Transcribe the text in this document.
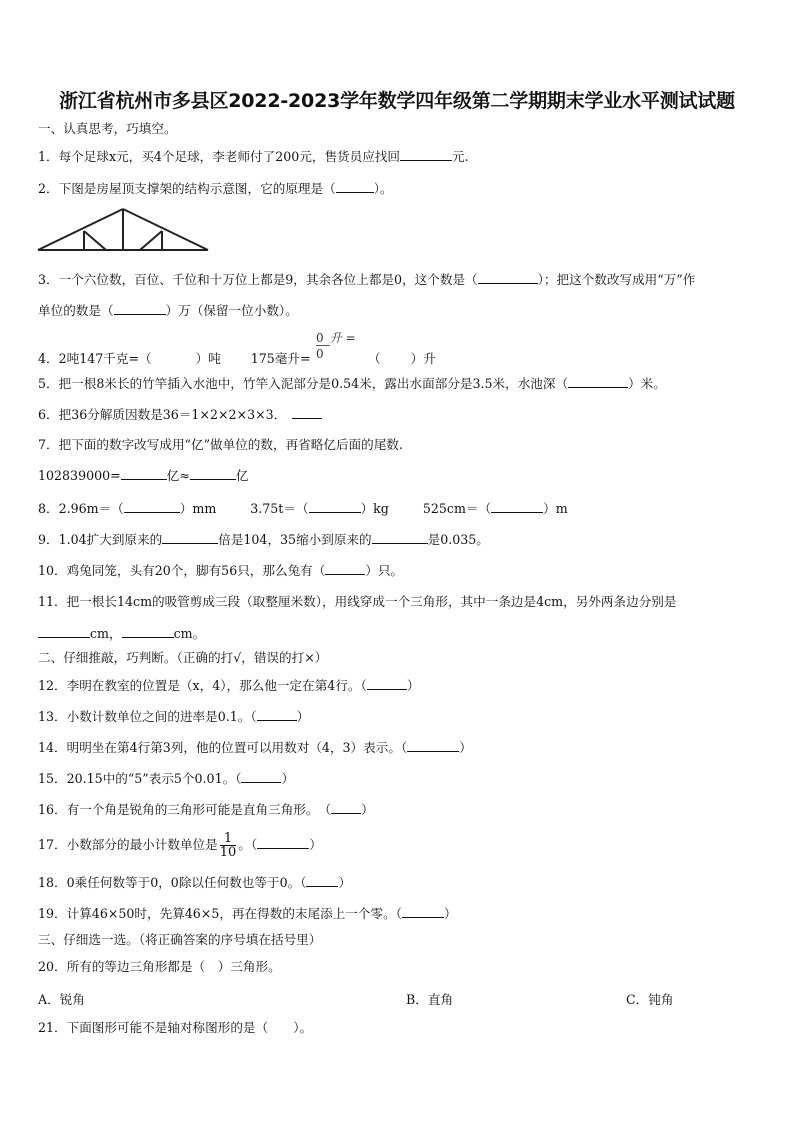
浙江省杭州市多县区2022-2023学年数学四年级第二学期期末学业水平测试试题
一、认真思考，巧填空。
1．每个足球x元，买4个足球，李老师付了200元，售货员应找回	元.
2．下图是房屋顶支撑架的结构示意图，它的原理是（	）。
3．一个六位数，百位、千位和十万位上都是9，其余各位上都是0，这个数是（	）；把这个数改写成用“万”作
单位的数是（	）万（保留一位小数）。
4．2吨147千克=（	）吨 175毫升=
0 升 =
0	（ ）升
5．把一根8米长的竹竿插入水池中，竹竿入泥部分是0.54米，露出水面部分是3.5米，水池深（	）米。
6．把36分解质因数是36＝1×2×2×3×3．
7．把下面的数字改写成用“亿”做单位的数，再省略亿后面的尾数.
102839000=	亿≈	亿
8．2.96m＝（	）mm	3.75t＝（	）kg	525cm＝（	）m
9．1.04扩大到原来的	倍是104，35缩小到原来的	是0.035。
10．鸡兔同笼，头有20个，脚有56只，那么兔有（	）只。
11．把一根长14cm的吸管剪成三段（取整厘米数），用线穿成一个三角形，其中一条边是4cm，另外两条边分别是
cm，	cm。
二、仔细推敲，巧判断。（正确的打√，错误的打×）
12．李明在教室的位置是（x，4），那么他一定在第4行。（	）
13．小数计数单位之间的进率是0.1。（	）
14．明明坐在第4行第3列，他的位置可以用数对（4，3）表示。（	）
15．20.15中的“5”表示5个0.01。（	）
16．有一个角是锐角的三角形可能是直角三角形。　（ ）
17．小数部分的最小计数单位是 $\frac{1}{10}$ 。（	）
18．0乘任何数等于0，0除以任何数也等于0。（	）
19．计算46×50时，先算46×5，再在得数的末尾添上一个零。（	）
三、仔细选一选。（将正确答案的序号填在括号里）
20．所有的等边三角形都是（　）三角形。
A．锐角	B．直角	C．钝角
21．下面图形可能不是轴对称图形的是（　　）。
